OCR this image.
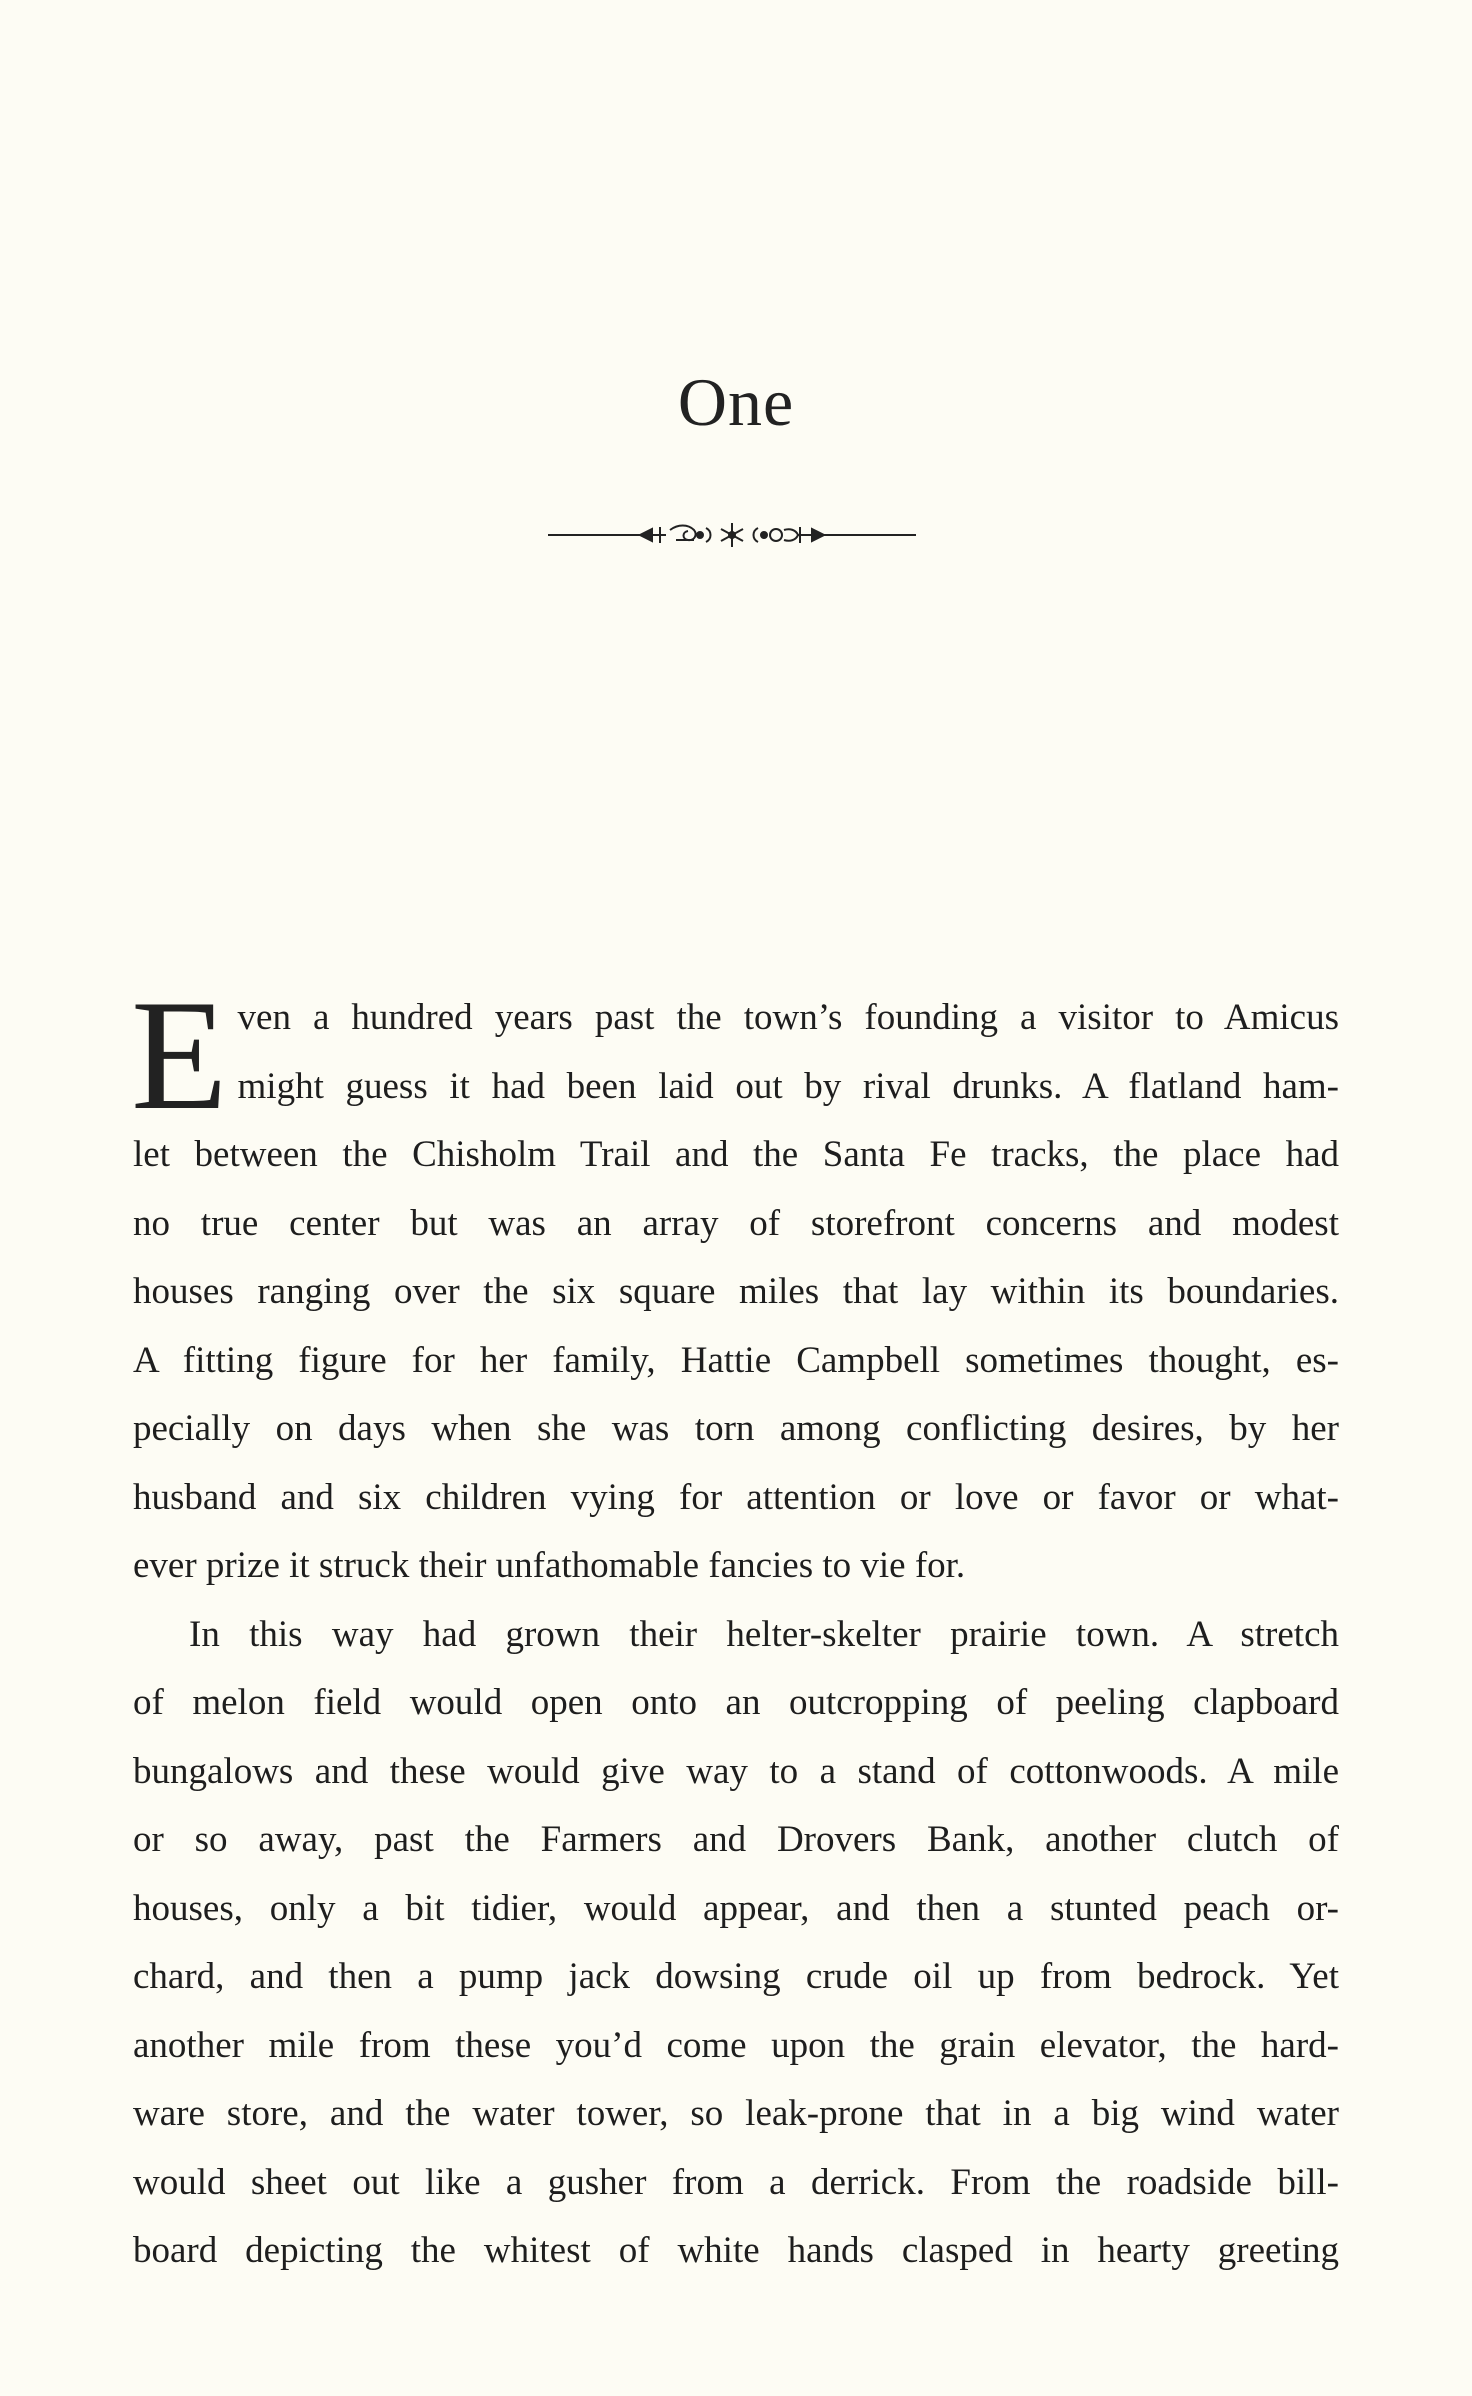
One

E ven a hundred years past the town’s founding a visitor to Amicus
might guess it had been laid out by rival drunks. A flatland ham-
let between the Chisholm Trail and the Santa Fe tracks, the place had
no true center but was an array of storefront concerns and modest
houses ranging over the six square miles that lay within its boundaries.
A fitting figure for her family, Hattie Campbell sometimes thought, es-
pecially on days when she was torn among conflicting desires, by her
husband and six children vying for attention or love or favor or what-
ever prize it struck their unfathomable fancies to vie for.

In this way had grown their helter-skelter prairie town. A stretch
of melon field would open onto an outcropping of peeling clapboard
bungalows and these would give way to a stand of cottonwoods. A mile
or so away, past the Farmers and Drovers Bank, another clutch of
houses, only a bit tidier, would appear, and then a stunted peach or-
chard, and then a pump jack dowsing crude oil up from bedrock. Yet
another mile from these you’d come upon the grain elevator, the hard-
ware store, and the water tower, so leak-prone that in a big wind water
would sheet out like a gusher from a derrick. From the roadside bill-
board depicting the whitest of white hands clasped in hearty greeting
